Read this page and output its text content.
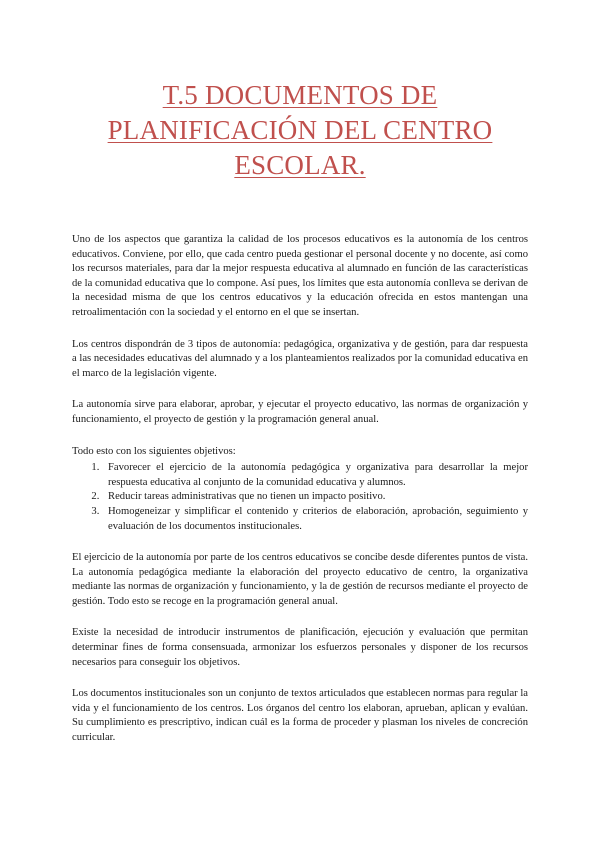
T.5 DOCUMENTOS DE
PLANIFICACIÓN DEL CENTRO
ESCOLAR.

Uno de los aspectos que garantiza la calidad de los procesos educativos es la autonomía de los centros educativos. Conviene, por ello, que cada centro pueda gestionar el personal docente y no docente, así como los recursos materiales, para dar la mejor respuesta educativa al alumnado en función de las características de la comunidad educativa que lo compone. Así pues, los límites que esta autonomía conlleva se derivan de la necesidad misma de que los centros educativos y la educación ofrecida en estos mantengan una retroalimentación con la sociedad y el entorno en el que se insertan.

Los centros dispondrán de 3 tipos de autonomía: pedagógica, organizativa y de gestión, para dar respuesta a las necesidades educativas del alumnado y a los planteamientos realizados por la comunidad educativa en el marco de la legislación vigente.

La autonomía sirve para elaborar, aprobar, y ejecutar el proyecto educativo, las normas de organización y funcionamiento, el proyecto de gestión y la programación general anual.

Todo esto con los siguientes objetivos:

1. Favorecer el ejercicio de la autonomía pedagógica y organizativa para desarrollar la mejor respuesta educativa al conjunto de la comunidad educativa y alumnos.
2. Reducir tareas administrativas que no tienen un impacto positivo.
3. Homogeneizar y simplificar el contenido y criterios de elaboración, aprobación, seguimiento y evaluación de los documentos institucionales.

El ejercicio de la autonomía por parte de los centros educativos se concibe desde diferentes puntos de vista. La autonomía pedagógica mediante la elaboración del proyecto educativo de centro, la organizativa mediante las normas de organización y funcionamiento, y la de gestión de recursos mediante el proyecto de gestión. Todo esto se recoge en la programación general anual.

Existe la necesidad de introducir instrumentos de planificación, ejecución y evaluación que permitan determinar fines de forma consensuada, armonizar los esfuerzos personales y disponer de los recursos necesarios para conseguir los objetivos.

Los documentos institucionales son un conjunto de textos articulados que establecen normas para regular la vida y el funcionamiento de los centros. Los órganos del centro los elaboran, aprueban, aplican y evalúan. Su cumplimiento es prescriptivo, indican cuál es la forma de proceder y plasman los niveles de concreción curricular.
